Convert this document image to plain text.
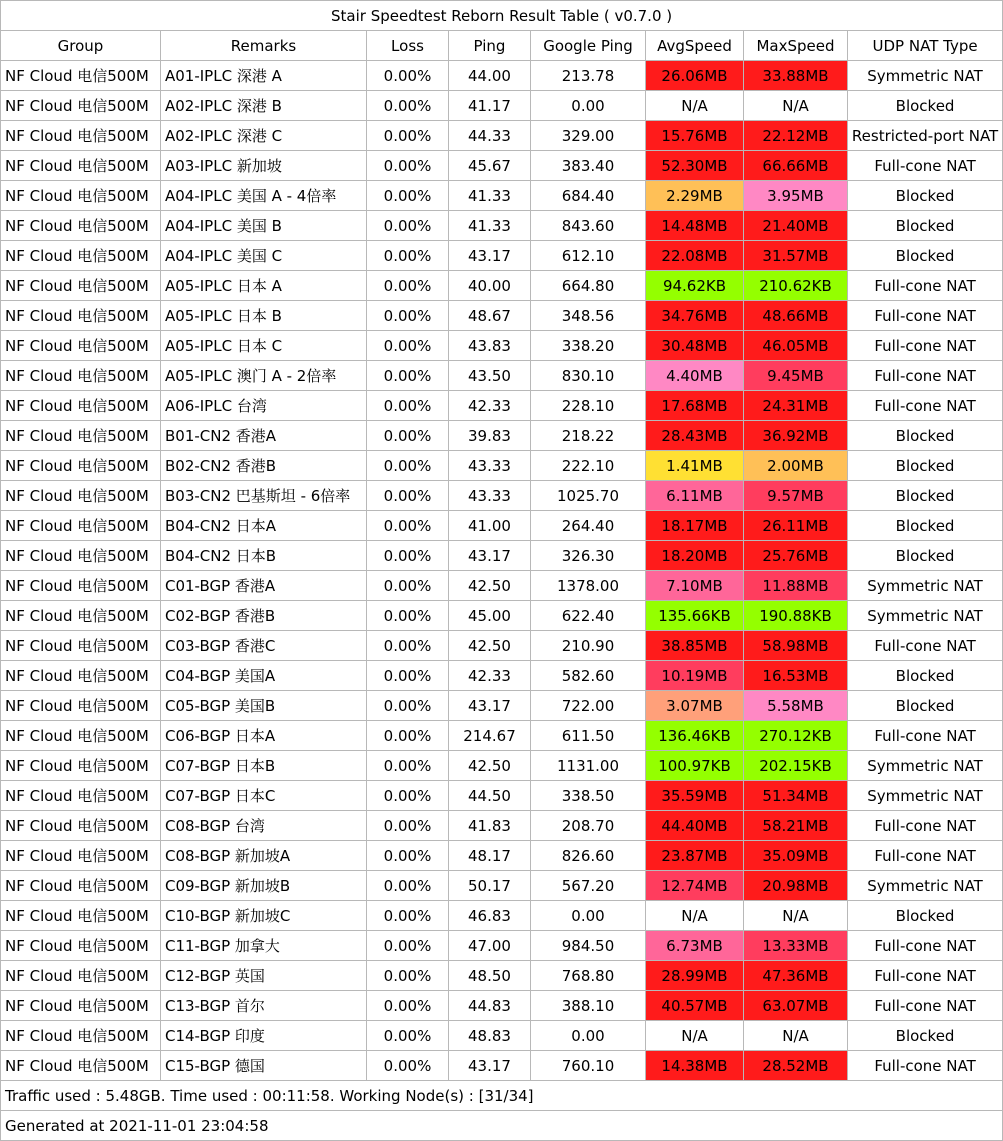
Stair Speedtest Reborn Result Table ( v0.7.0 )							
Group	Remarks	Loss	Ping	Google Ping	AvgSpeed	MaxSpeed	UDP NAT Type
NF Cloud 电信500M	A01-IPLC 深港 A	0.00%	44.00	213.78	26.06MB	33.88MB	Symmetric NAT
NF Cloud 电信500M	A02-IPLC 深港 B	0.00%	41.17	0.00	N/A	N/A	Blocked
NF Cloud 电信500M	A02-IPLC 深港 C	0.00%	44.33	329.00	15.76MB	22.12MB	Restricted-port NAT
NF Cloud 电信500M	A03-IPLC 新加坡	0.00%	45.67	383.40	52.30MB	66.66MB	Full-cone NAT
NF Cloud 电信500M	A04-IPLC 美国 A - 4倍率	0.00%	41.33	684.40	2.29MB	3.95MB	Blocked
NF Cloud 电信500M	A04-IPLC 美国 B	0.00%	41.33	843.60	14.48MB	21.40MB	Blocked
NF Cloud 电信500M	A04-IPLC 美国 C	0.00%	43.17	612.10	22.08MB	31.57MB	Blocked
NF Cloud 电信500M	A05-IPLC 日本 A	0.00%	40.00	664.80	94.62KB	210.62KB	Full-cone NAT
NF Cloud 电信500M	A05-IPLC 日本 B	0.00%	48.67	348.56	34.76MB	48.66MB	Full-cone NAT
NF Cloud 电信500M	A05-IPLC 日本 C	0.00%	43.83	338.20	30.48MB	46.05MB	Full-cone NAT
NF Cloud 电信500M	A05-IPLC 澳门 A - 2倍率	0.00%	43.50	830.10	4.40MB	9.45MB	Full-cone NAT
NF Cloud 电信500M	A06-IPLC 台湾	0.00%	42.33	228.10	17.68MB	24.31MB	Full-cone NAT
NF Cloud 电信500M	B01-CN2 香港A	0.00%	39.83	218.22	28.43MB	36.92MB	Blocked
NF Cloud 电信500M	B02-CN2 香港B	0.00%	43.33	222.10	1.41MB	2.00MB	Blocked
NF Cloud 电信500M	B03-CN2 巴基斯坦 - 6倍率	0.00%	43.33	1025.70	6.11MB	9.57MB	Blocked
NF Cloud 电信500M	B04-CN2 日本A	0.00%	41.00	264.40	18.17MB	26.11MB	Blocked
NF Cloud 电信500M	B04-CN2 日本B	0.00%	43.17	326.30	18.20MB	25.76MB	Blocked
NF Cloud 电信500M	C01-BGP 香港A	0.00%	42.50	1378.00	7.10MB	11.88MB	Symmetric NAT
NF Cloud 电信500M	C02-BGP 香港B	0.00%	45.00	622.40	135.66KB	190.88KB	Symmetric NAT
NF Cloud 电信500M	C03-BGP 香港C	0.00%	42.50	210.90	38.85MB	58.98MB	Full-cone NAT
NF Cloud 电信500M	C04-BGP 美国A	0.00%	42.33	582.60	10.19MB	16.53MB	Blocked
NF Cloud 电信500M	C05-BGP 美国B	0.00%	43.17	722.00	3.07MB	5.58MB	Blocked
NF Cloud 电信500M	C06-BGP 日本A	0.00%	214.67	611.50	136.46KB	270.12KB	Full-cone NAT
NF Cloud 电信500M	C07-BGP 日本B	0.00%	42.50	1131.00	100.97KB	202.15KB	Symmetric NAT
NF Cloud 电信500M	C07-BGP 日本C	0.00%	44.50	338.50	35.59MB	51.34MB	Symmetric NAT
NF Cloud 电信500M	C08-BGP 台湾	0.00%	41.83	208.70	44.40MB	58.21MB	Full-cone NAT
NF Cloud 电信500M	C08-BGP 新加坡A	0.00%	48.17	826.60	23.87MB	35.09MB	Full-cone NAT
NF Cloud 电信500M	C09-BGP 新加坡B	0.00%	50.17	567.20	12.74MB	20.98MB	Symmetric NAT
NF Cloud 电信500M	C10-BGP 新加坡C	0.00%	46.83	0.00	N/A	N/A	Blocked
NF Cloud 电信500M	C11-BGP 加拿大	0.00%	47.00	984.50	6.73MB	13.33MB	Full-cone NAT
NF Cloud 电信500M	C12-BGP 英国	0.00%	48.50	768.80	28.99MB	47.36MB	Full-cone NAT
NF Cloud 电信500M	C13-BGP 首尔	0.00%	44.83	388.10	40.57MB	63.07MB	Full-cone NAT
NF Cloud 电信500M	C14-BGP 印度	0.00%	48.83	0.00	N/A	N/A	Blocked
NF Cloud 电信500M	C15-BGP 德国	0.00%	43.17	760.10	14.38MB	28.52MB	Full-cone NAT
Traffic used : 5.48GB. Time used : 00:11:58. Working Node(s) : [31/34]							
Generated at 2021-11-01 23:04:58							
